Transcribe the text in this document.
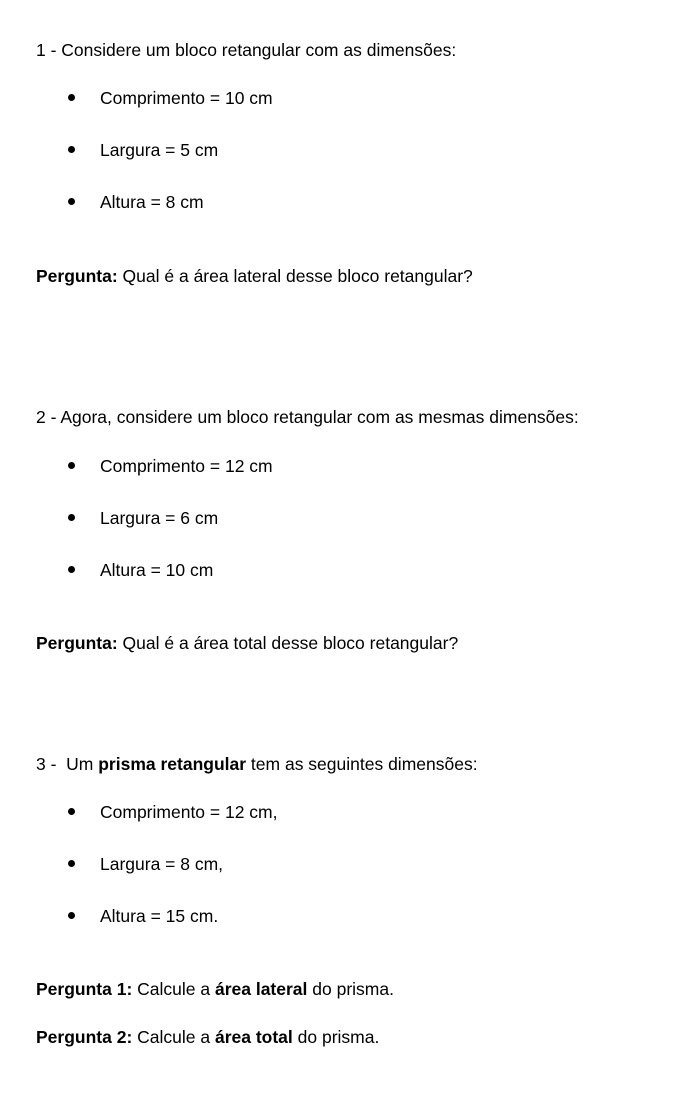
1 - Considere um bloco retangular com as dimensões:
Comprimento = 10 cm
Largura = 5 cm
Altura = 8 cm
Pergunta: Qual é a área lateral desse bloco retangular?
2 - Agora, considere um bloco retangular com as mesmas dimensões:
Comprimento = 12 cm
Largura = 6 cm
Altura = 10 cm
Pergunta: Qual é a área total desse bloco retangular?
3 -  Um prisma retangular tem as seguintes dimensões:
Comprimento = 12 cm,
Largura = 8 cm,
Altura = 15 cm.
Pergunta 1: Calcule a área lateral do prisma.
Pergunta 2: Calcule a área total do prisma.
